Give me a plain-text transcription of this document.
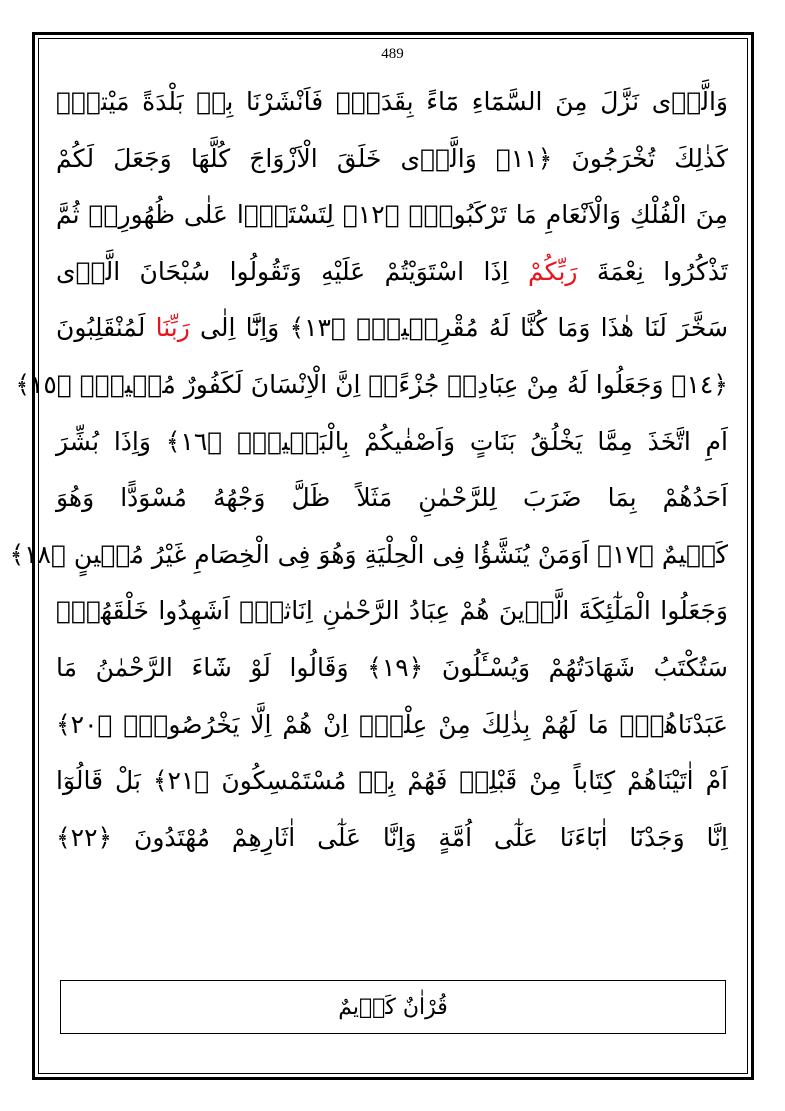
489
وَالَّذٖى نَزَّلَ مِنَ السَّمَٓاءِ مَٓاءً بِقَدَرٍۚ فَاَنْشَرْنَا بِهٖ بَلْدَةً مَيْتاًۚ
كَذٰلِكَ تُخْرَجُونَ ﴿١١﴾ وَالَّذٖى خَلَقَ الْاَزْوَاجَ كُلَّهَا وَجَعَلَ لَكُمْ
مِنَ الْفُلْكِ وَالْاَنْعَامِ مَا تَرْكَبُونَۙ ﴿١٢﴾ لِتَسْتَوُ۫ا عَلٰى ظُهُورِهٖ ثُمَّ
تَذْكُرُوا نِعْمَةَ رَبِّكُمْ اِذَا اسْتَوَيْتُمْ عَلَيْهِ وَتَقُولُوا سُبْحَانَ الَّذٖى
سَخَّرَ لَنَا هٰذَا وَمَا كُنَّا لَهُ مُقْرِنٖينَۙ ﴿١٣﴾ وَاِنَّٓا اِلٰى رَبِّنَا لَمُنْقَلِبُونَ
﴿١٤﴾ وَجَعَلُوا لَهُ مِنْ عِبَادِهٖ جُزْءًاۜ اِنَّ الْاِنْسَانَ لَكَفُورٌ مُبٖينٌۜ ﴿١٥﴾
اَمِ اتَّخَذَ مِمَّا يَخْلُقُ بَنَاتٍ وَاَصْفٰيكُمْ بِالْبَنٖينَۚ ﴿١٦﴾ وَاِذَا بُشِّرَ
اَحَدُهُمْ بِمَا ضَرَبَ لِلرَّحْمٰنِ مَثَلاً ظَلَّ وَجْهُهُ مُسْوَدًّا وَهُوَ
كَظٖيمٌ ﴿١٧﴾ اَوَمَنْ يُنَشَّؤُا فِى الْحِلْيَةِ وَهُوَ فِى الْخِصَامِ غَيْرُ مُبٖينٍ ﴿١٨﴾
وَجَعَلُوا الْمَلٰٓئِكَةَ الَّذٖينَ هُمْ عِبَادُ الرَّحْمٰنِ اِنَاثاًۜ اَشَهِدُوا خَلْقَهُمْۜ
سَتُكْتَبُ شَهَادَتُهُمْ وَيُسْـَٔلُونَ ﴿١٩﴾ وَقَالُوا لَوْ شَٓاءَ الرَّحْمٰنُ مَا
عَبَدْنَاهُمْۜ مَا لَهُمْ بِذٰلِكَ مِنْ عِلْمٍۗ اِنْ هُمْ اِلَّا يَخْرُصُونَۜ ﴿٢٠﴾
اَمْ اٰتَيْنَاهُمْ كِتَاباً مِنْ قَبْلِهٖ فَهُمْ بِهٖ مُسْتَمْسِكُونَ ﴿٢١﴾ بَلْ قَالُوٓا
اِنَّا وَجَدْنَٓا اٰبَٓاءَنَا عَلٰٓى اُمَّةٍ وَاِنَّا عَلٰٓى اٰثَارِهِمْ مُهْتَدُونَ ﴿٢٢﴾
قُرْاٰنٌ كَرٖيمٌ
